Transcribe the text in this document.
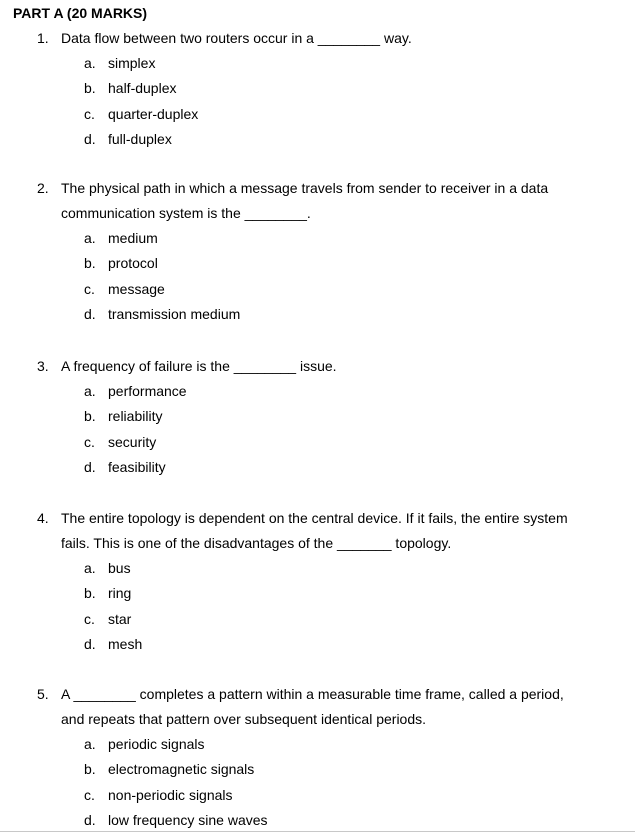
PART A (20 MARKS)
1. Data flow between two routers occur in a ________ way.
a. simplex
b. half-duplex
c. quarter-duplex
d. full-duplex
2. The physical path in which a message travels from sender to receiver in a data
communication system is the ________.
a. medium
b. protocol
c. message
d. transmission medium
3. A frequency of failure is the ________ issue.
a. performance
b. reliability
c. security
d. feasibility
4. The entire topology is dependent on the central device. If it fails, the entire system
fails. This is one of the disadvantages of the _______ topology.
a. bus
b. ring
c. star
d. mesh
5. A ________ completes a pattern within a measurable time frame, called a period,
and repeats that pattern over subsequent identical periods.
a. periodic signals
b. electromagnetic signals
c. non-periodic signals
d. low frequency sine waves
